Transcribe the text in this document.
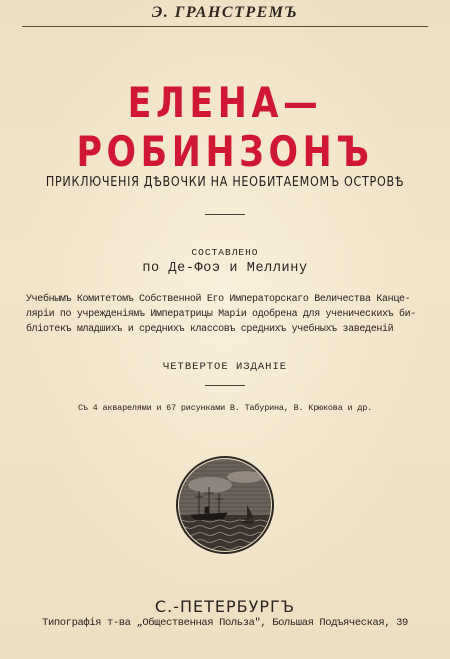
Э. ГРАНСТРЕМЪ
ЕЛЕНА—РОБИНЗОНЪ
ПРИКЛЮЧЕНІЯ ДѢВОЧКИ НА НЕОБИТАЕМОМЪ ОСТРОВѢ
СОСТАВЛЕНО
по Де-Фоэ и Меллину
Учебнымъ Комитетомъ Собственной Его Императорскаго Величества Канце-
ляріи по учрежденіямъ Императрицы Маріи одобрена для ученическихъ би-
бліотекъ младшихъ и среднихъ классовъ среднихъ учебныхъ заведеній
ЧЕТВЕРТОЕ ИЗДАНІЕ
Съ 4 акварелями и 67 рисунками В. Табурина, В. Крюкова и др.
С.-ПЕТЕРБУРГЪ
Типографія т-ва „Общественная Польза", Большая Подъяческая, 39
